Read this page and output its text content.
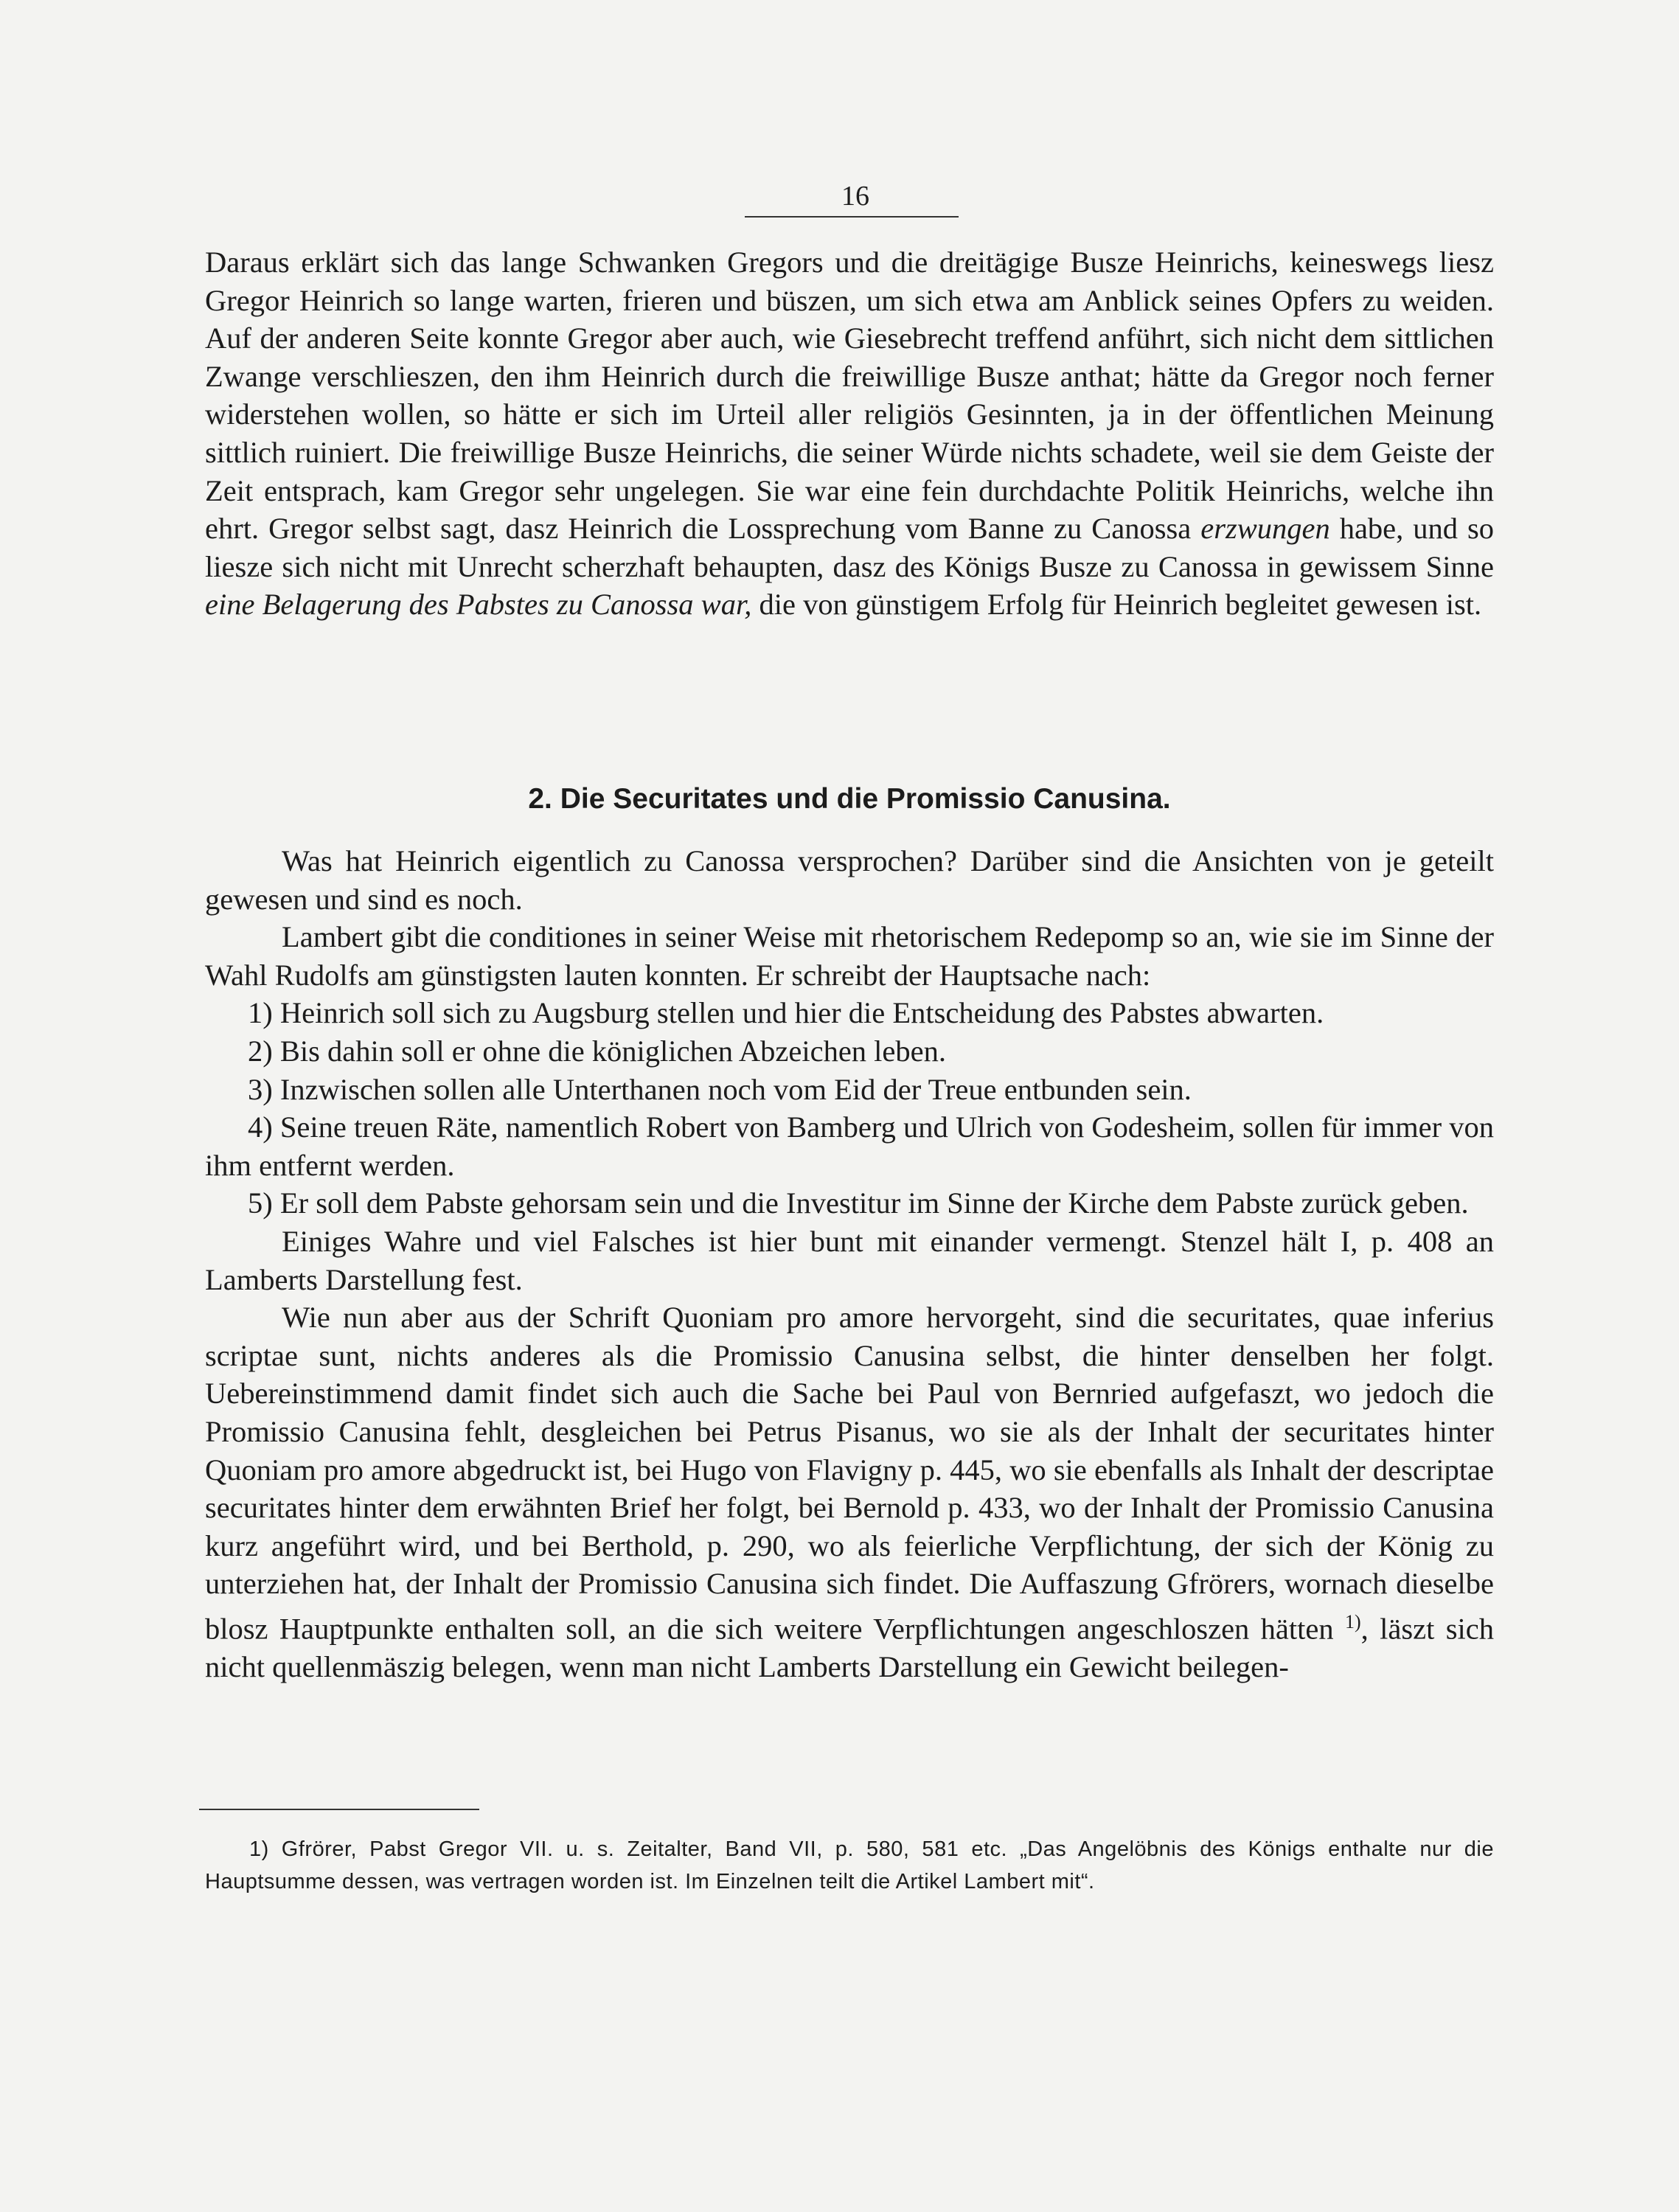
16

Daraus erklärt sich das lange Schwanken Gregors und die dreitägige Busze Heinrichs, keineswegs liesz Gregor Heinrich so lange warten, frieren und büszen, um sich etwa am Anblick seines Opfers zu weiden. Auf der anderen Seite konnte Gregor aber auch, wie Giesebrecht treffend anführt, sich nicht dem sittlichen Zwange verschlieszen, den ihm Heinrich durch die freiwillige Busze anthat; hätte da Gregor noch ferner widerstehen wollen, so hätte er sich im Urteil aller religiös Gesinnten, ja in der öffentlichen Meinung sittlich ruiniert. Die freiwillige Busze Heinrichs, die seiner Würde nichts schadete, weil sie dem Geiste der Zeit entsprach, kam Gregor sehr ungelegen. Sie war eine fein durchdachte Politik Heinrichs, welche ihn ehrt. Gregor selbst sagt, dasz Heinrich die Lossprechung vom Banne zu Canossa erzwungen habe, und so liesze sich nicht mit Unrecht scherzhaft behaupten, dasz des Königs Busze zu Canossa in gewissem Sinne eine Belagerung des Pabstes zu Canossa war, die von günstigem Erfolg für Heinrich begleitet gewesen ist.

2. Die Securitates und die Promissio Canusina.

Was hat Heinrich eigentlich zu Canossa versprochen? Darüber sind die Ansichten von je geteilt gewesen und sind es noch.

Lambert gibt die conditiones in seiner Weise mit rhetorischem Redepomp so an, wie sie im Sinne der Wahl Rudolfs am günstigsten lauten konnten. Er schreibt der Hauptsache nach:

1) Heinrich soll sich zu Augsburg stellen und hier die Entscheidung des Pabstes abwarten.

2) Bis dahin soll er ohne die königlichen Abzeichen leben.

3) Inzwischen sollen alle Unterthanen noch vom Eid der Treue entbunden sein.

4) Seine treuen Räte, namentlich Robert von Bamberg und Ulrich von Godesheim, sollen für immer von ihm entfernt werden.

5) Er soll dem Pabste gehorsam sein und die Investitur im Sinne der Kirche dem Pabste zurück geben.

Einiges Wahre und viel Falsches ist hier bunt mit einander vermengt. Stenzel hält I, p. 408 an Lamberts Darstellung fest.

Wie nun aber aus der Schrift Quoniam pro amore hervorgeht, sind die securitates, quae inferius scriptae sunt, nichts anderes als die Promissio Canusina selbst, die hinter denselben her folgt. Uebereinstimmend damit findet sich auch die Sache bei Paul von Bernried aufgefaszt, wo jedoch die Promissio Canusina fehlt, desgleichen bei Petrus Pisanus, wo sie als der Inhalt der securitates hinter Quoniam pro amore abgedruckt ist, bei Hugo von Flavigny p. 445, wo sie ebenfalls als Inhalt der descriptae securitates hinter dem erwähnten Brief her folgt, bei Bernold p. 433, wo der Inhalt der Promissio Canusina kurz angeführt wird, und bei Berthold, p. 290, wo als feierliche Verpflichtung, der sich der König zu unterziehen hat, der Inhalt der Promissio Canusina sich findet. Die Auffaszung Gfrörers, wornach dieselbe blosz Hauptpunkte enthalten soll, an die sich weitere Verpflichtungen angeschloszen hätten $^{1)}$, läszt sich nicht quellenmäszig belegen, wenn man nicht Lamberts Darstellung ein Gewicht beilegen-

1) Gfrörer, Pabst Gregor VII. u. s. Zeitalter, Band VII, p. 580, 581 etc. „Das Angelöbnis des Königs enthalte nur die Hauptsumme dessen, was vertragen worden ist. Im Einzelnen teilt die Artikel Lambert mit“.
